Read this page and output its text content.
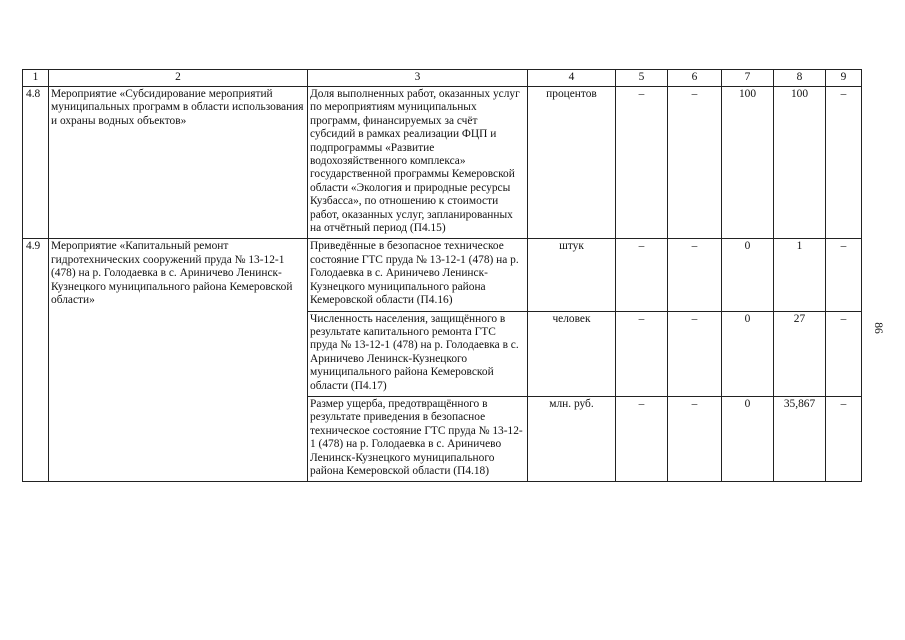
1	2	3	4	5	6	7	8	9
4.8	Мероприятие «Субсидирование мероприятий муниципальных программ в области использования и охраны водных объектов»	Доля выполненных работ, оказанных услуг по мероприятиям муниципальных программ, финансируемых за счёт субсидий в рамках реализации ФЦП и подпрограммы «Развитие водохозяйственного комплекса» государственной программы Кемеровской области «Экология и природные ресурсы Кузбасса», по отношению к стоимости работ, оказанных услуг, запланированных на отчётный период (П4.15)	процентов	–	–	100	100	–
4.9	Мероприятие «Капитальный ремонт гидротехнических сооружений пруда № 13-12-1 (478) на р. Голодаевка в с. Ариничево Ленинск-Кузнецкого муниципального района Кемеровской области»	Приведённые в безопасное техническое состояние ГТС пруда № 13-12-1 (478) на р. Голодаевка в с. Ариничево Ленинск-Кузнецкого муниципального района Кемеровской области (П4.16)	штук	–	–	0	1	–
		Численность населения, защищённого в результате капитального ремонта ГТС пруда № 13-12-1 (478) на р. Голодаевка в с. Ариничево Ленинск-Кузнецкого муниципального района Кемеровской области (П4.17)	человек	–	–	0	27	–
		Размер ущерба, предотвращённого в результате приведения в безопасное техническое состояние ГТС пруда № 13-12-1 (478) на р. Голодаевка в с. Ариничево Ленинск-Кузнецкого муниципального района Кемеровской области (П4.18)	млн. руб.	–	–	0	35,867	–
86
